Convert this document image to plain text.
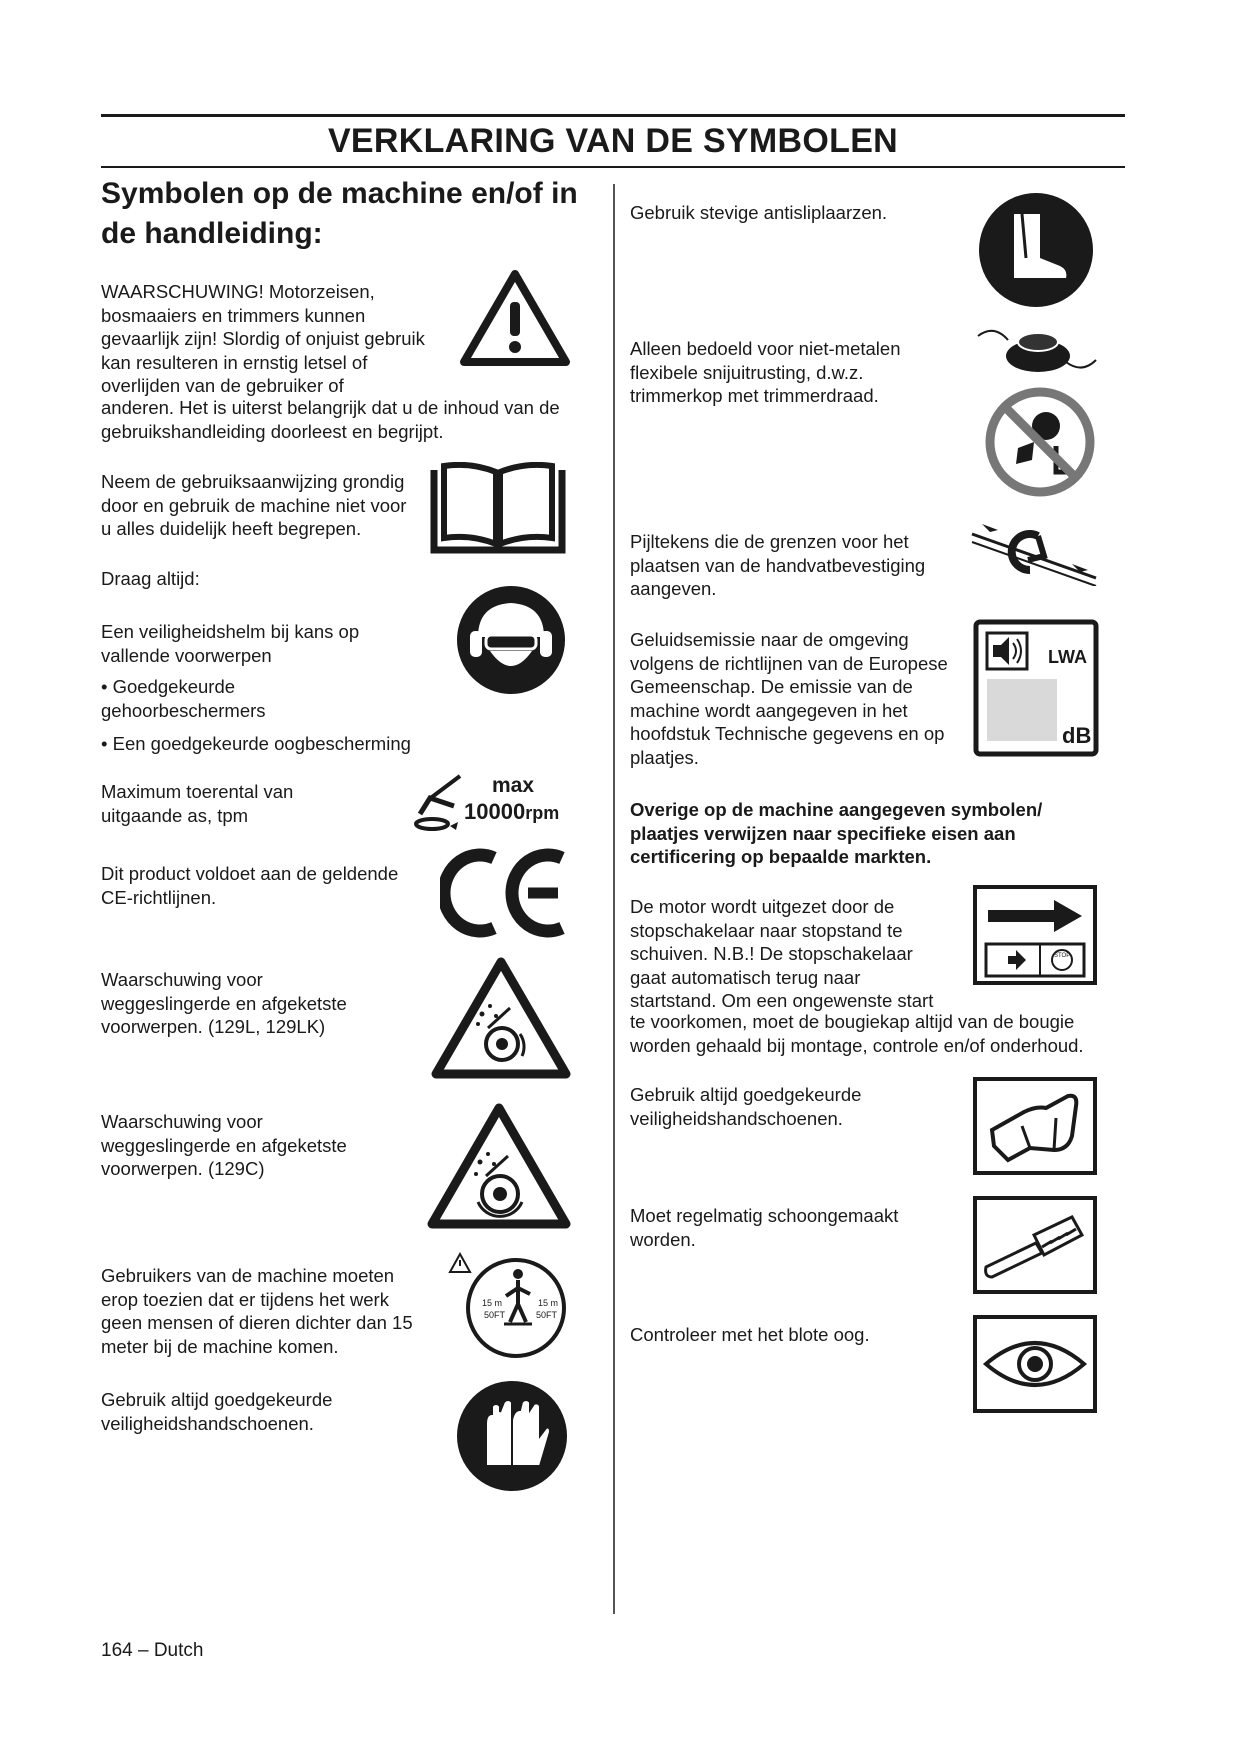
VERKLARING VAN DE SYMBOLEN
Symbolen op de machine en/of in de handleiding:
WAARSCHUWING! Motorzeisen, bosmaaiers en trimmers kunnen gevaarlijk zijn! Slordig of onjuist gebruik kan resulteren in ernstig letsel of overlijden van de gebruiker of
anderen. Het is uiterst belangrijk dat u de inhoud van de gebruikshandleiding doorleest en begrijpt.
Neem de gebruiksaanwijzing grondig door en gebruik de machine niet voor u alles duidelijk heeft begrepen.
Draag altijd:
Een veiligheidshelm bij kans op vallende voorwerpen
• Goedgekeurde gehoorbeschermers
• Een goedgekeurde oogbescherming
Maximum toerental van uitgaande as, tpm
max
10000rpm
Dit product voldoet aan de geldende CE-richtlijnen.
Waarschuwing voor weggeslingerde en afgeketste voorwerpen. (129L, 129LK)
Waarschuwing voor weggeslingerde en afgeketste voorwerpen. (129C)
Gebruikers van de machine moeten erop toezien dat er tijdens het werk geen mensen of dieren dichter dan 15 meter bij de machine komen.
15 m
50FT
15 m
50FT
Gebruik altijd goedgekeurde veiligheidshandschoenen.
Gebruik stevige antisliplaarzen.
Alleen bedoeld voor niet-metalen flexibele snijuitrusting, d.w.z. trimmerkop met trimmerdraad.
Pijltekens die de grenzen voor het plaatsen van de handvatbevestiging aangeven.
Geluidsemissie naar de omgeving volgens de richtlijnen van de Europese Gemeenschap. De emissie van de machine wordt aangegeven in het hoofdstuk Technische gegevens en op plaatjes.
LWA
dB
Overige op de machine aangegeven symbolen/ plaatjes verwijzen naar specifieke eisen aan certificering op bepaalde markten.
De motor wordt uitgezet door de stopschakelaar naar stopstand te schuiven. N.B.! De stopschakelaar gaat automatisch terug naar startstand. Om een ongewenste start
te voorkomen, moet de bougiekap altijd van de bougie worden gehaald bij montage, controle en/of onderhoud.
STOP
Gebruik altijd goedgekeurde veiligheidshandschoenen.
Moet regelmatig schoongemaakt worden.
Controleer met het blote oog.
164 – Dutch
